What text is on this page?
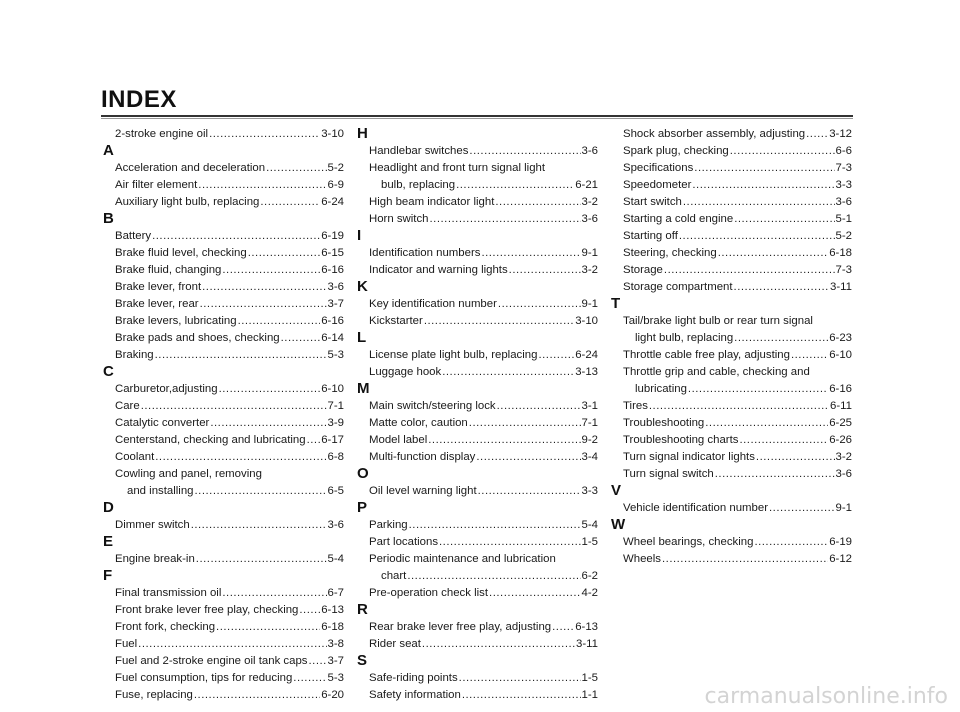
INDEX
2-stroke engine oil .....	3-10
A
Acceleration and deceleration .....	5-2
Air filter element .....	6-9
Auxiliary light bulb, replacing .....	6-24
B
Battery .....	6-19
Brake fluid level, checking .....	6-15
Brake fluid, changing .....	6-16
Brake lever, front .....	3-6
Brake lever, rear .....	3-7
Brake levers, lubricating .....	6-16
Brake pads and shoes, checking .....	6-14
Braking .....	5-3
C
Carburetor,adjusting .....	6-10
Care .....	7-1
Catalytic converter .....	3-9
Centerstand, checking and lubricating ..... 6-17
Coolant .....	6-8
Cowling and panel, removing
and installing .....	6-5
D
Dimmer switch .....	3-6
E
Engine break-in .....	5-4
F
Final transmission oil .....	6-7
Front brake lever free play, checking ..... 6-13
Front fork, checking .....	6-18
Fuel .....	3-8
Fuel and 2-stroke engine oil tank caps ..... 3-7
Fuel consumption, tips for reducing .....	5-3
Fuse, replacing .....	6-20
H
Handlebar switches .....	3-6
Headlight and front turn signal light
bulb, replacing .....	6-21
High beam indicator light .....	3-2
Horn switch .....	3-6
I
Identification numbers .....	9-1
Indicator and warning lights .....	3-2
K
Key identification number .....	9-1
Kickstarter .....	3-10
L
License plate light bulb, replacing .....	6-24
Luggage hook .....	3-13
M
Main switch/steering lock .....	3-1
Matte color, caution .....	7-1
Model label .....	9-2
Multi-function display .....	3-4
O
Oil level warning light .....	3-3
P
Parking .....	5-4
Part locations .....	1-5
Periodic maintenance and lubrication
chart .....	6-2
Pre-operation check list .....	4-2
R
Rear brake lever free play, adjusting ..... 6-13
Rider seat .....	3-11
S
Safe-riding points .....	1-5
Safety information .....	1-1
Shock absorber assembly, adjusting ..... 3-12
Spark plug, checking .....	6-6
Specifications .....	7-3
Speedometer .....	3-3
Start switch .....	3-6
Starting a cold engine .....	5-1
Starting off .....	5-2
Steering, checking .....	6-18
Storage .....	7-3
Storage compartment .....	3-11
T
Tail/brake light bulb or rear turn signal
light bulb, replacing .....	6-23
Throttle cable free play, adjusting .....	6-10
Throttle grip and cable, checking and
lubricating .....	6-16
Tires .....	6-11
Troubleshooting .....	6-25
Troubleshooting charts .....	6-26
Turn signal indicator lights .....	3-2
Turn signal switch .....	3-6
V
Vehicle identification number .....	9-1
W
Wheel bearings, checking .....	6-19
Wheels .....	6-12
carmanualsonline.info
